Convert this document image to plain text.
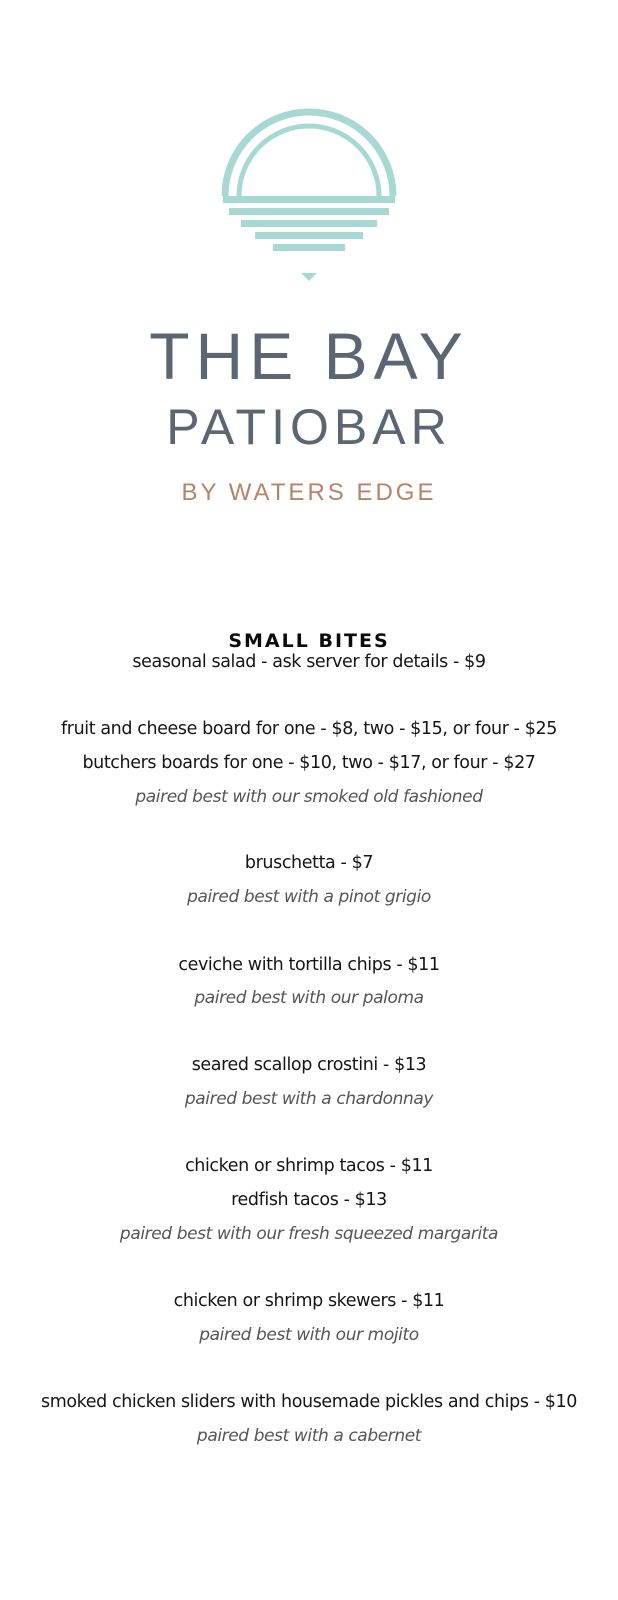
THE BAY
PATIOBAR
BY WATERS EDGE
SMALL BITES
seasonal salad - ask server for details - $9
fruit and cheese board for one - $8, two - $15, or four - $25
butchers boards for one - $10, two - $17, or four - $27
paired best with our smoked old fashioned
bruschetta - $7
paired best with a pinot grigio
ceviche with tortilla chips - $11
paired best with our paloma
seared scallop crostini - $13
paired best with a chardonnay
chicken or shrimp tacos - $11
redfish tacos - $13
paired best with our fresh squeezed margarita
chicken or shrimp skewers - $11
paired best with our mojito
smoked chicken sliders with housemade pickles and chips - $10
paired best with a cabernet
